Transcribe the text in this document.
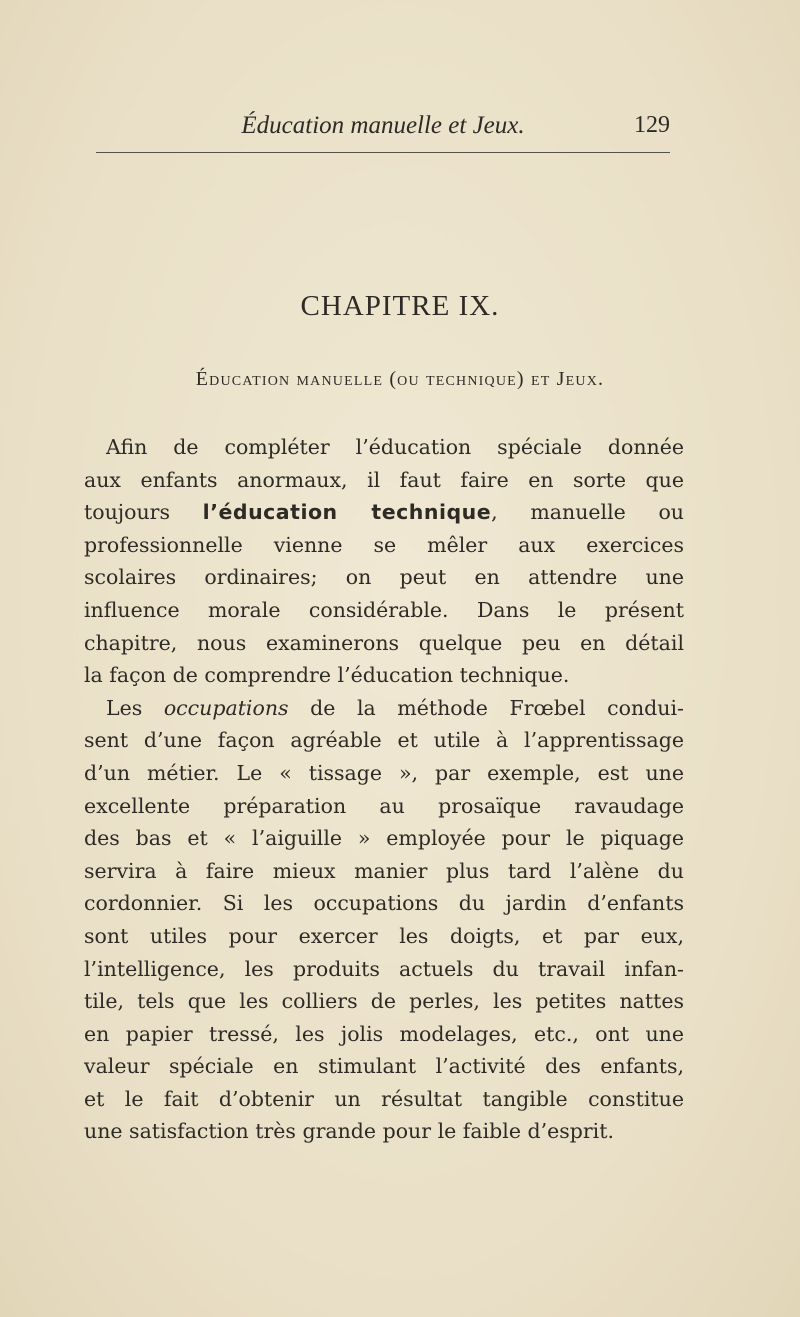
Éducation manuelle et Jeux.	129
CHAPITRE IX.
Éducation manuelle (ou technique) et Jeux.
Afin de compléter l’éducation spéciale donnée
aux enfants anormaux, il faut faire en sorte que
toujours l’éducation technique, manuelle ou
professionnelle vienne se mêler aux exercices
scolaires ordinaires; on peut en attendre une
influence morale considérable. Dans le présent
chapitre, nous examinerons quelque peu en détail
la façon de comprendre l’éducation technique.
Les occupations de la méthode Frœbel condui-
sent d’une façon agréable et utile à l’apprentissage
d’un métier. Le « tissage », par exemple, est une
excellente préparation au prosaïque ravaudage
des bas et « l’aiguille » employée pour le piquage
servira à faire mieux manier plus tard l’alène du
cordonnier. Si les occupations du jardin d’enfants
sont utiles pour exercer les doigts, et par eux,
l’intelligence, les produits actuels du travail infan-
tile, tels que les colliers de perles, les petites nattes
en papier tressé, les jolis modelages, etc., ont une
valeur spéciale en stimulant l’activité des enfants,
et le fait d’obtenir un résultat tangible constitue
une satisfaction très grande pour le faible d’esprit.
